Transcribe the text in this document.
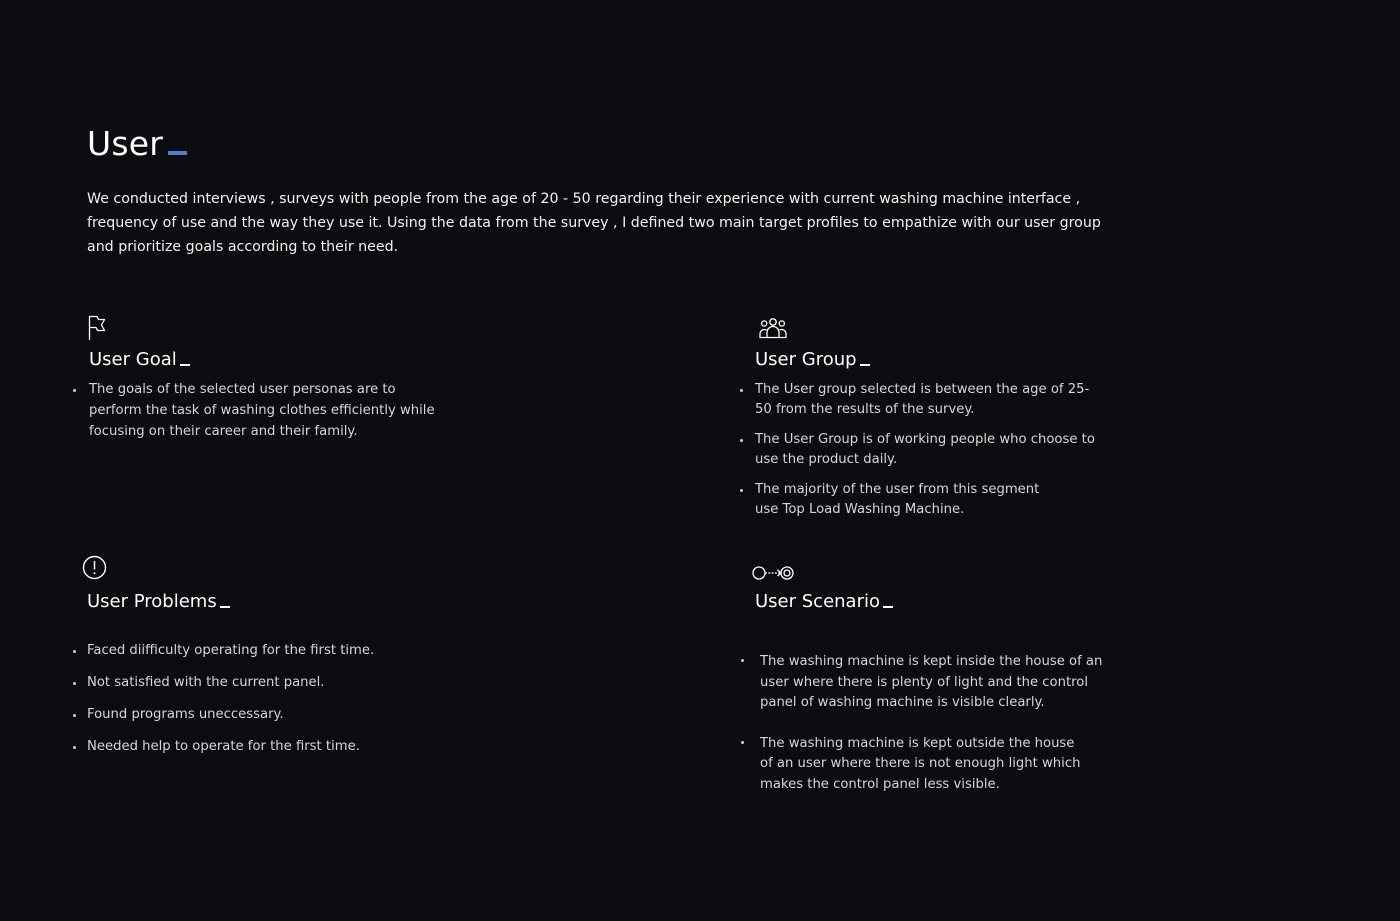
User

We conducted interviews , surveys with people from the age of 20 - 50 regarding their experience with current washing machine interface , frequency of use and the way they use it. Using the data from the survey , I defined two main target profiles to empathize with our user group and prioritize goals according to their need.

User Goal
The goals of the selected user personas are to perform the task of washing clothes efficiently while focusing on their career and their family.
User Group
The User group selected is between the age of 25- 50 from the results of the survey.
The User Group is of working people who choose to use the product daily.
The majority of the user from this segment use Top Load Washing Machine.
User Problems
Faced diifficulty operating for the first time.
Not satisfied with the current panel.
Found programs uneccessary.
Needed help to operate for the first time.
User Scenario
The washing machine is kept inside the house of an user where there is plenty of light and the control panel of washing machine is visible clearly.
The washing machine is kept outside the house of an user where there is not enough light which makes the control panel less visible.
